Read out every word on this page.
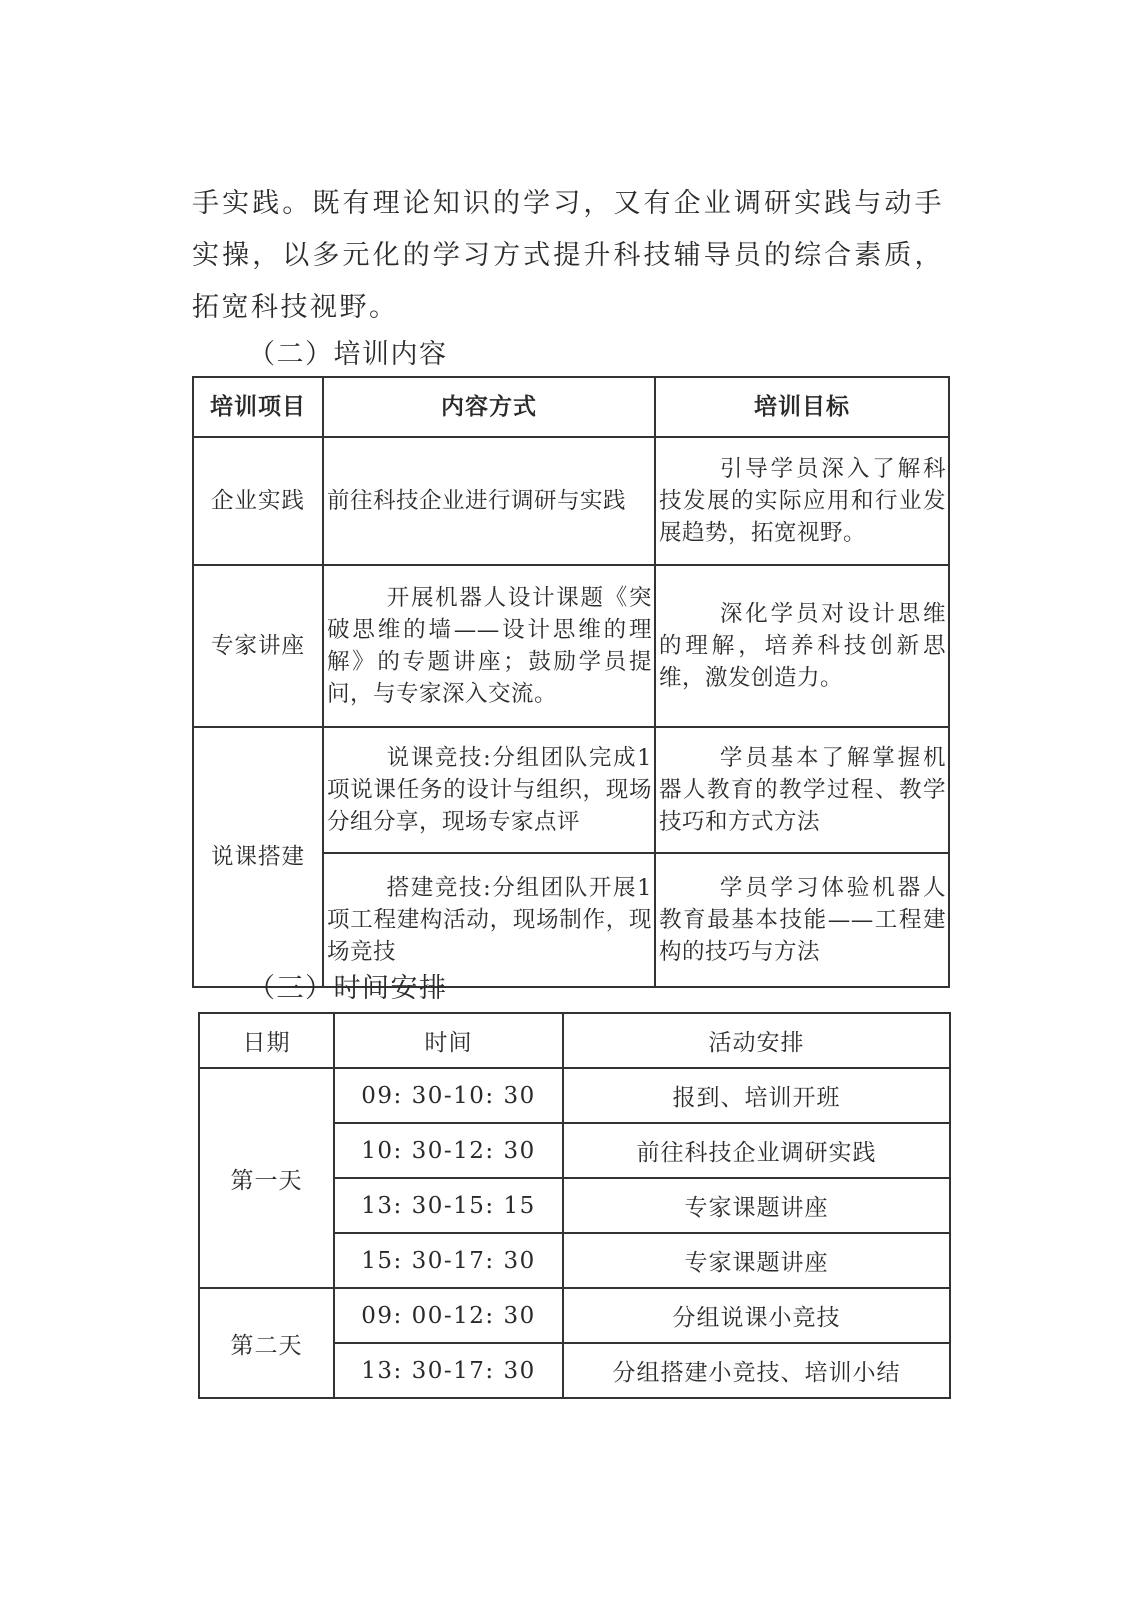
手实践。既有理论知识的学习，又有企业调研实践与动手实操，以多元化的学习方式提升科技辅导员的综合素质，拓宽科技视野。
（二）培训内容
培训项目	内容方式	培训目标
企业实践	前往科技企业进行调研与实践	引导学员深入了解科技发展的实际应用和行业发展趋势，拓宽视野。
专家讲座	开展机器人设计课题《突破思维的墙——设计思维的理解》的专题讲座；鼓励学员提问，与专家深入交流。	深化学员对设计思维的理解，培养科技创新思维，激发创造力。
说课搭建	说课竞技:分组团队完成1项说课任务的设计与组织，现场分组分享，现场专家点评	学员基本了解掌握机器人教育的教学过程、教学技巧和方式方法
	搭建竞技:分组团队开展1项工程建构活动，现场制作，现场竞技	学员学习体验机器人教育最基本技能——工程建构的技巧与方法
（三）时间安排
日期	时间	活动安排
第一天	09: 30-10: 30	报到、培训开班
	10: 30-12: 30	前往科技企业调研实践
	13: 30-15: 15	专家课题讲座
	15: 30-17: 30	专家课题讲座
第二天	09: 00-12: 30	分组说课小竞技
	13: 30-17: 30	分组搭建小竞技、培训小结
